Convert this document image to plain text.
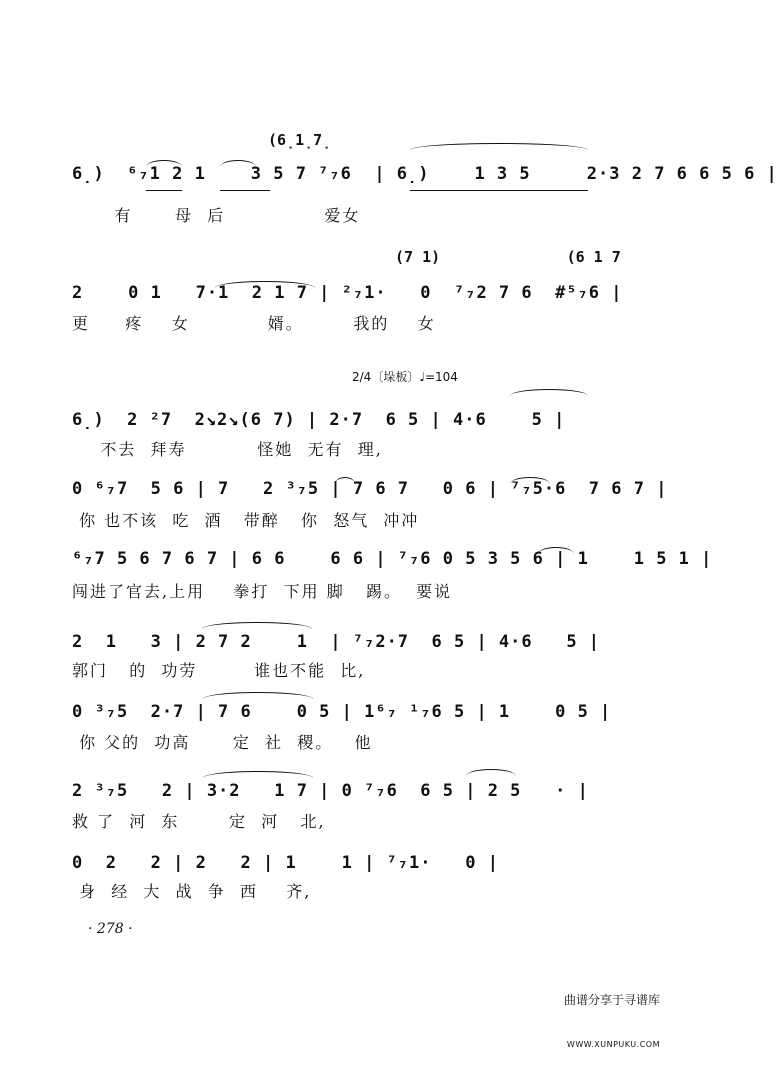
(6̣1̣7̣
6̣)  ⁶₇1 2 1    3 5 7 ⁷₇6  | 6̣)    1 3 5     2·3 2 7 6 6 5 6 |
有      母  后              爱女
(7 1)              (6 1 7
2    0 1   7·1  2 1 7 | ²₇1·   0  ⁷₇2 7 6  #⁵₇6 |
更     疼    女           婿。       我的    女
2/4〔垛板〕♩=104
6̣)  2 ²7  2↘2↘(6 7) | 2·7  6 5 | 4·6    5 |
不去  拜寿          怪她  无有  理,
0 ⁶₇7  5 6 | 7   2 ³₇5 | 7 6 7   0 6 | ⁷₇5·6  7 6 7 |
你 也不该  吃  酒   带醉   你  怒气  冲冲
⁶₇7 5 6 7 6 7 | 6 6    6 6 | ⁷₇6 0 5 3 5 6 | 1    1 5 1 |
闯进了官去,上用    拳打  下用 脚   踢。  要说
2  1   3 | 2 7 2    1  | ⁷₇2·7  6 5 | 4·6   5 |
郭门   的  功劳        谁也不能  比,
0 ³₇5  2·7 | 7 6    0 5 | 1⁶₇ ¹₇6 5 | 1    0 5 |
你 父的  功高      定  社  稷。   他
2 ³₇5   2 | 3·2   1 7 | 0 ⁷₇6  6 5 | 2 5   · |
救 了  河  东       定  河   北,
0  2   2 | 2   2 | 1    1 | ⁷₇1·   0 |
身  经  大  战  争  西    齐,
· 278 ·

曲谱分享于寻谱库

WWW.XUNPUKU.COM
